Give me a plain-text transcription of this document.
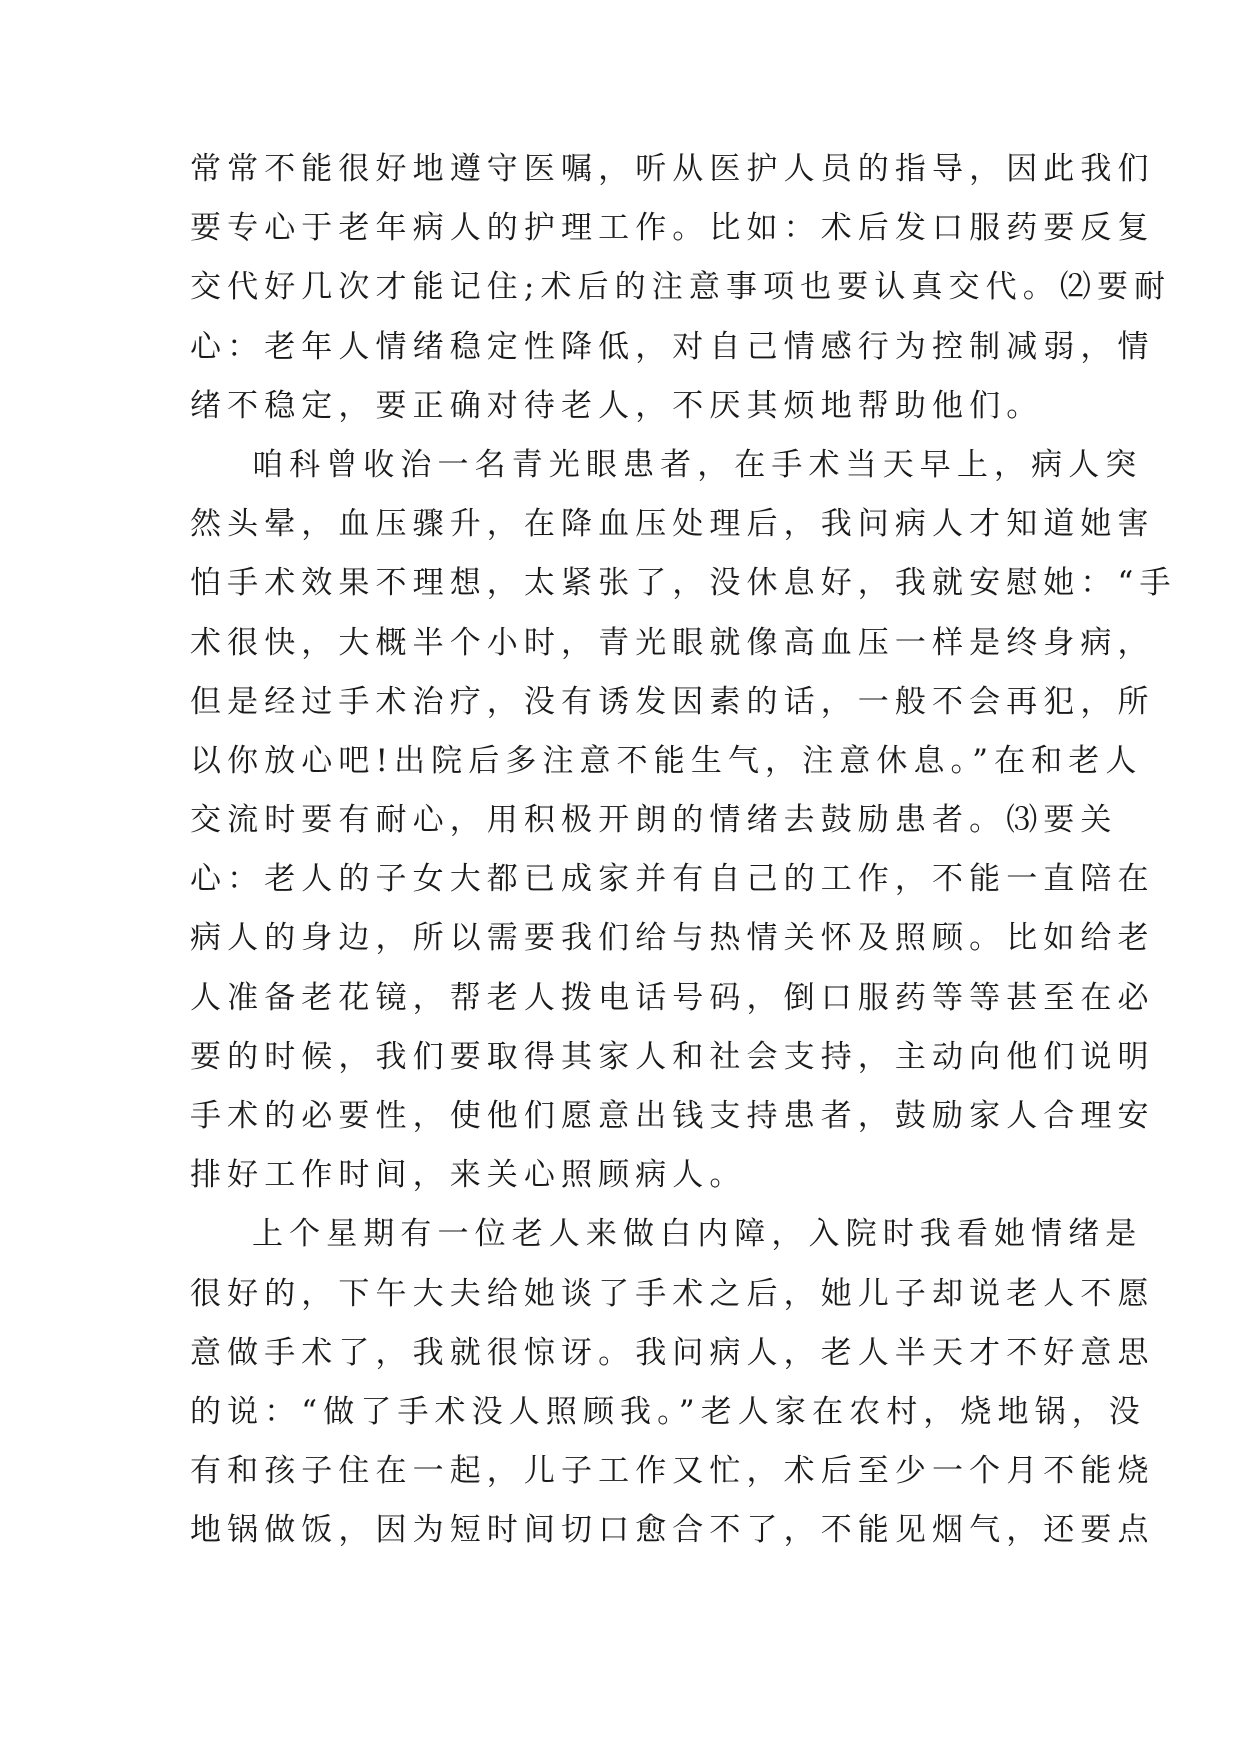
常常不能很好地遵守医嘱，听从医护人员的指导，因此我们
要专心于老年病人的护理工作。比如：术后发口服药要反复
交代好几次才能记住;术后的注意事项也要认真交代。⑵要耐
心：老年人情绪稳定性降低，对自己情感行为控制减弱，情
绪不稳定，要正确对待老人，不厌其烦地帮助他们。
咱科曾收治一名青光眼患者，在手术当天早上，病人突
然头晕，血压骤升，在降血压处理后，我问病人才知道她害
怕手术效果不理想，太紧张了，没休息好，我就安慰她：“手
术很快，大概半个小时，青光眼就像高血压一样是终身病，
但是经过手术治疗，没有诱发因素的话，一般不会再犯，所
以你放心吧!出院后多注意不能生气，注意休息。”在和老人
交流时要有耐心，用积极开朗的情绪去鼓励患者。⑶要关
心：老人的子女大都已成家并有自己的工作，不能一直陪在
病人的身边，所以需要我们给与热情关怀及照顾。比如给老
人准备老花镜，帮老人拨电话号码，倒口服药等等甚至在必
要的时候，我们要取得其家人和社会支持，主动向他们说明
手术的必要性，使他们愿意出钱支持患者，鼓励家人合理安
排好工作时间，来关心照顾病人。
上个星期有一位老人来做白内障，入院时我看她情绪是
很好的，下午大夫给她谈了手术之后，她儿子却说老人不愿
意做手术了，我就很惊讶。我问病人，老人半天才不好意思
的说：“做了手术没人照顾我。”老人家在农村，烧地锅，没
有和孩子住在一起，儿子工作又忙，术后至少一个月不能烧
地锅做饭，因为短时间切口愈合不了，不能见烟气，还要点
